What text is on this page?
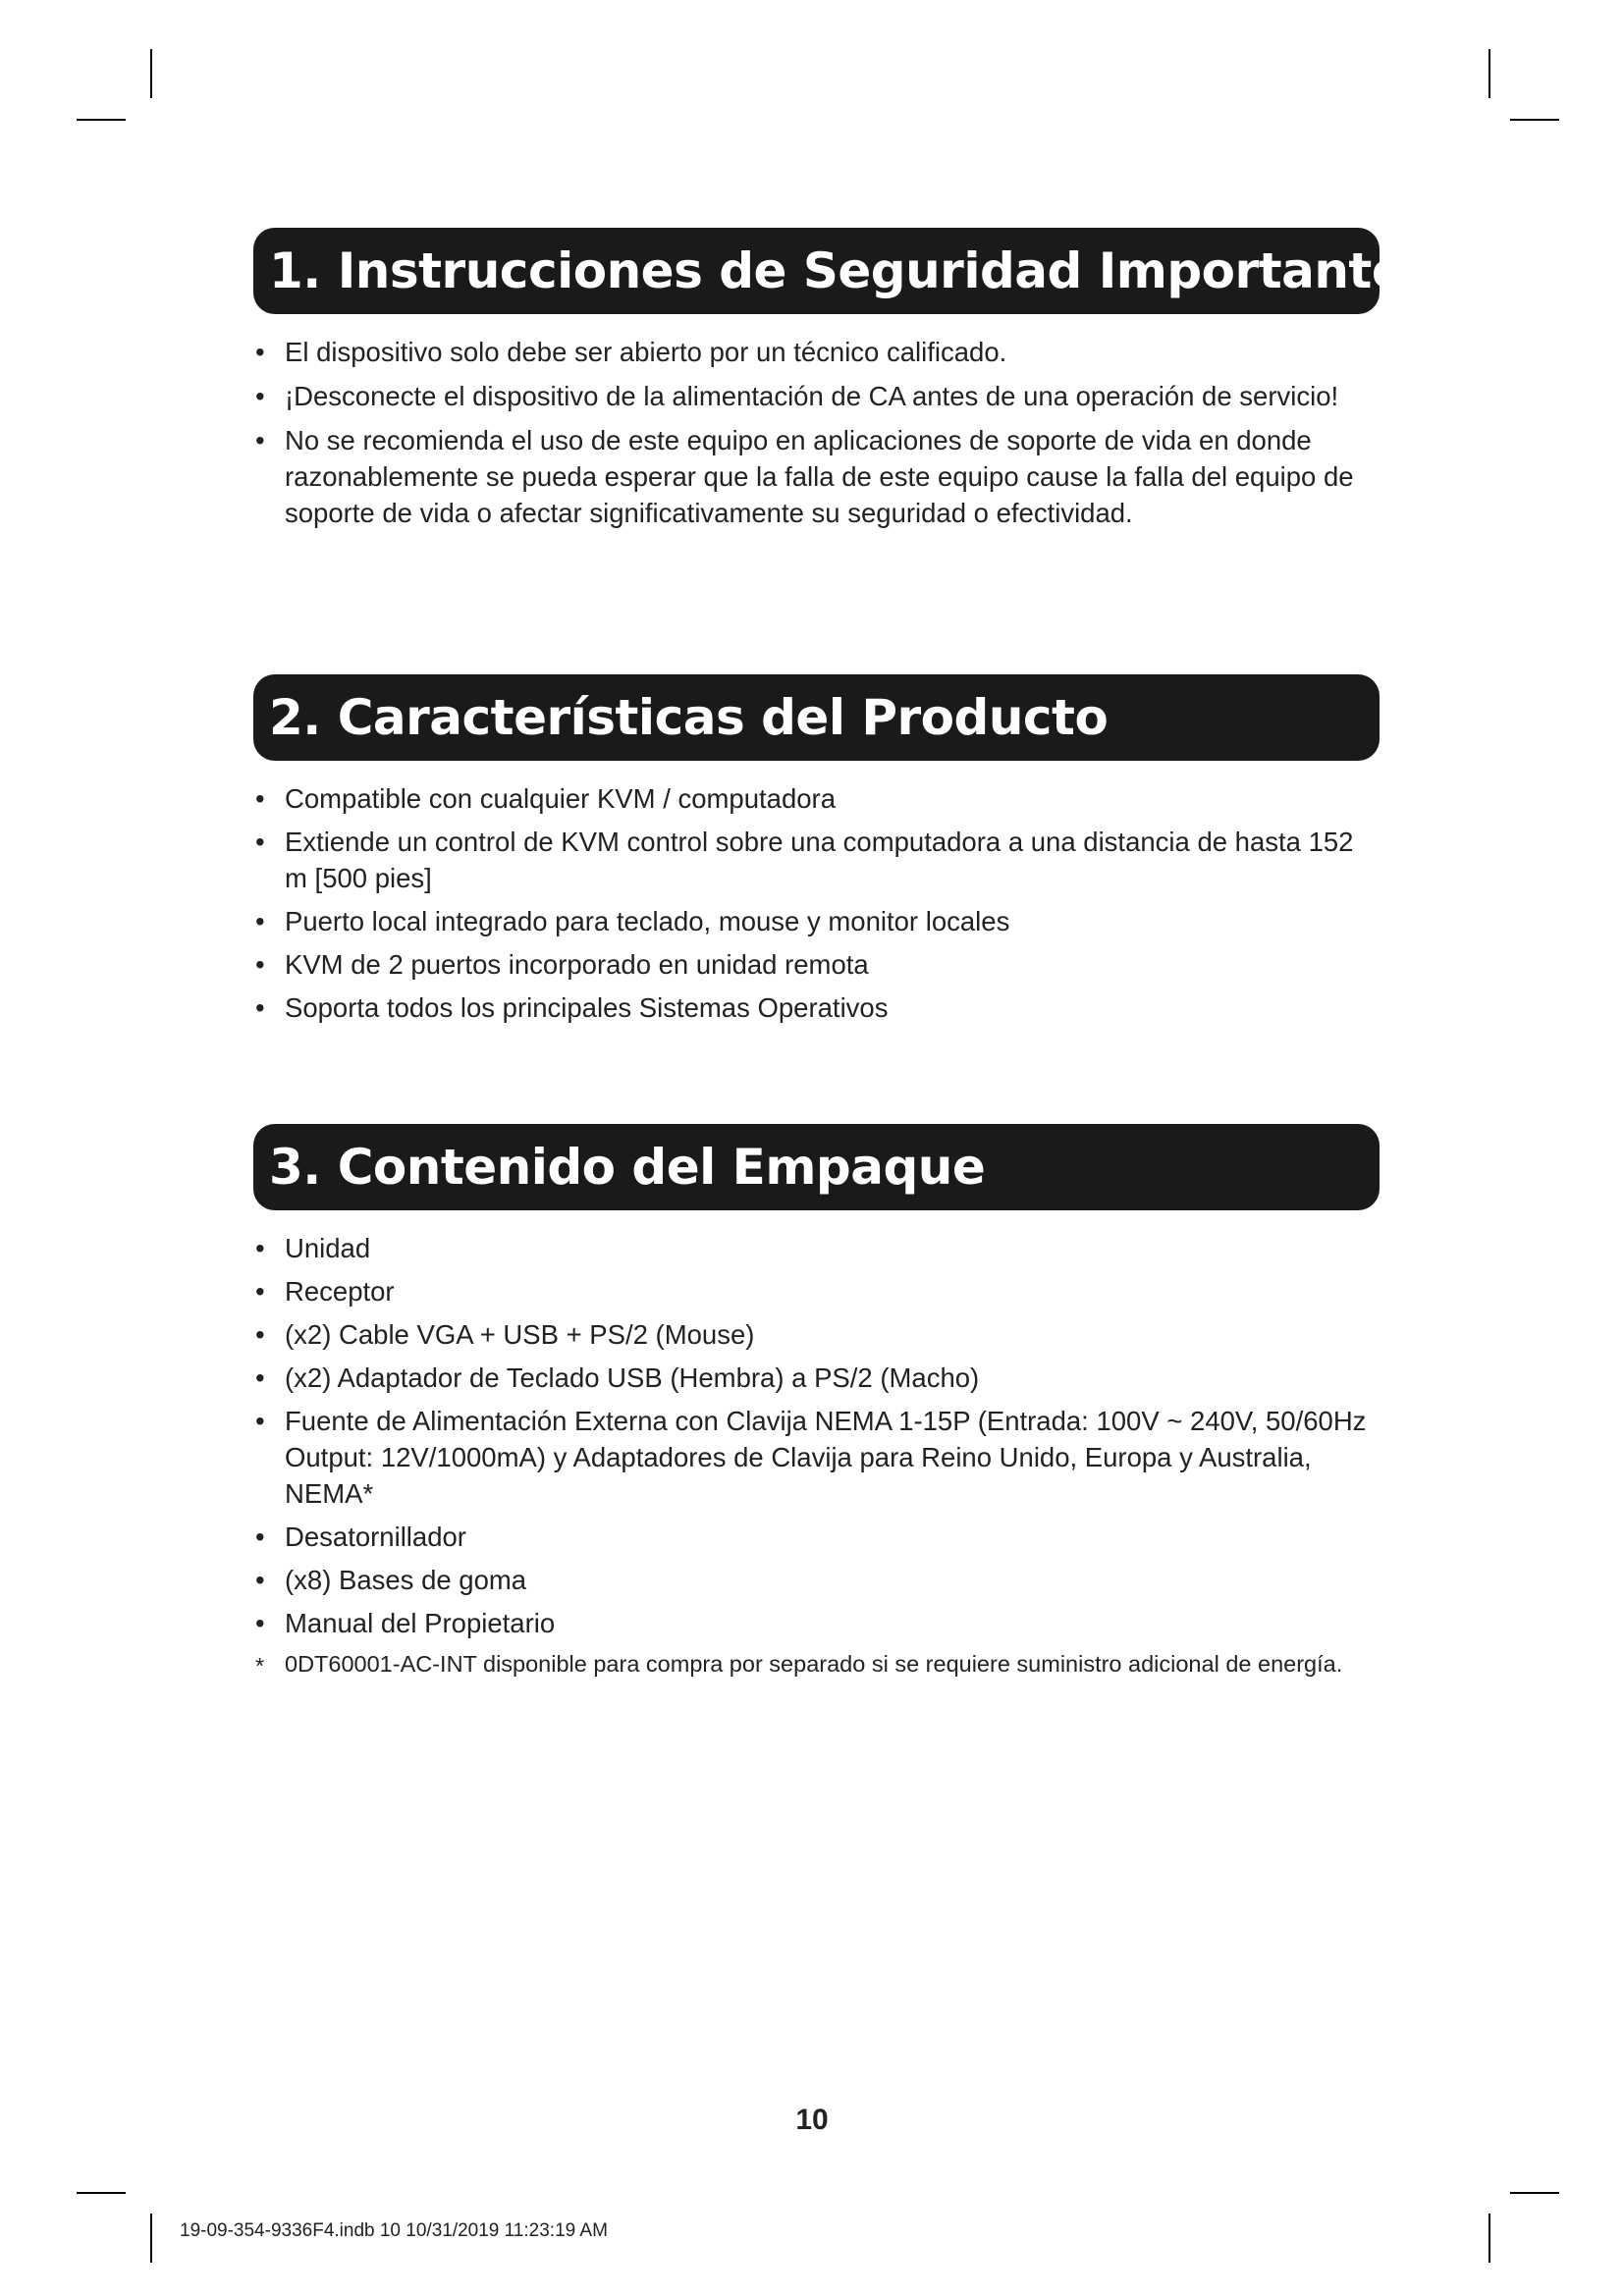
1. Instrucciones de Seguridad Importantes
• El dispositivo solo debe ser abierto por un técnico calificado.
• ¡Desconecte el dispositivo de la alimentación de CA antes de una operación de servicio!
• No se recomienda el uso de este equipo en aplicaciones de soporte de vida en donde razonablemente se pueda esperar que la falla de este equipo cause la falla del equipo de soporte de vida o afectar significativamente su seguridad o efectividad.
2. Características del Producto
• Compatible con cualquier KVM / computadora
• Extiende un control de KVM control sobre una computadora a una distancia de hasta 152 m [500 pies]
• Puerto local integrado para teclado, mouse y monitor locales
• KVM de 2 puertos incorporado en unidad remota
• Soporta todos los principales Sistemas Operativos
3. Contenido del Empaque
• Unidad
• Receptor
• (x2) Cable VGA + USB + PS/2 (Mouse)
• (x2) Adaptador de Teclado USB (Hembra) a PS/2 (Macho)
• Fuente de Alimentación Externa con Clavija NEMA 1-15P (Entrada: 100V ~ 240V, 50/60Hz Output: 12V/1000mA) y Adaptadores de Clavija para Reino Unido, Europa y Australia, NEMA*
• Desatornillador
• (x8) Bases de goma
• Manual del Propietario
* 0DT60001-AC-INT disponible para compra por separado si se requiere suministro adicional de energía.
10
19-09-354-9336F4.indb 10 10/31/2019 11:23:19 AM
